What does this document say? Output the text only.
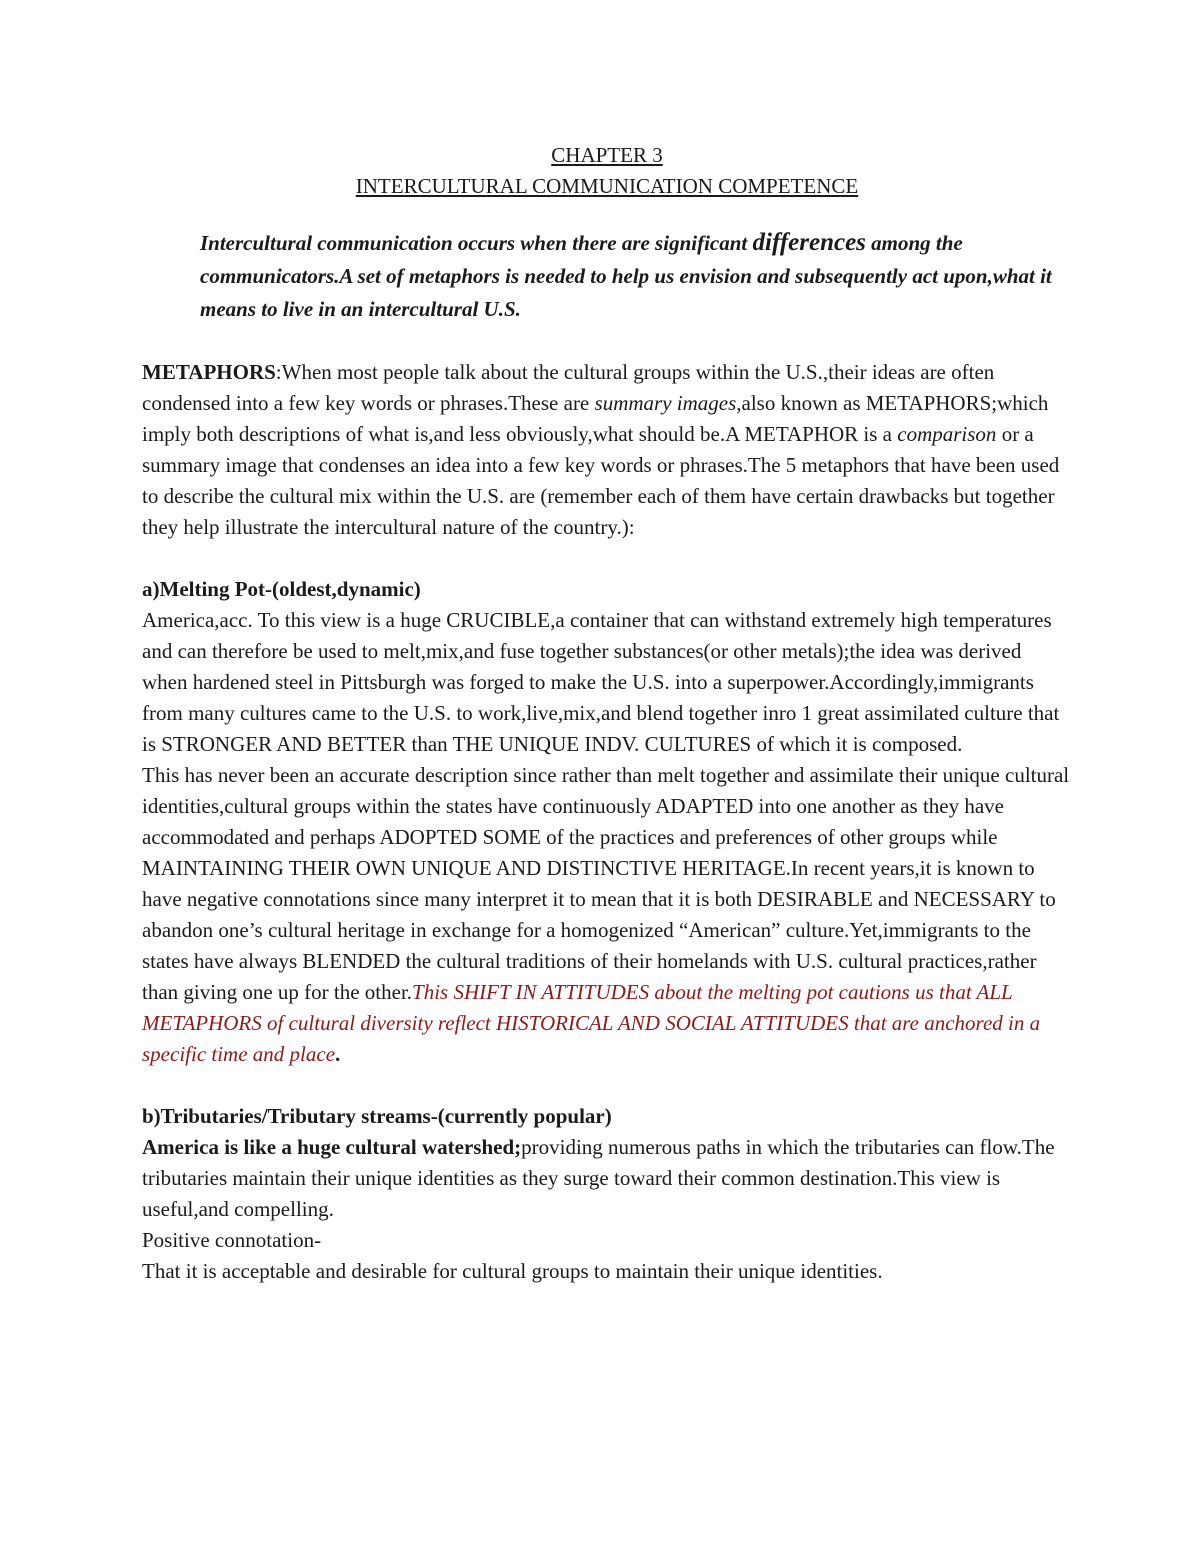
CHAPTER 3

INTERCULTURAL COMMUNICATION COMPETENCE

Intercultural communication occurs when there are significant differences among the communicators.A set of metaphors is needed to help us envision and subsequently act upon,what it means to live in an intercultural U.S.

METAPHORS:When most people talk about the cultural groups within the U.S.,their ideas are often condensed into a few key words or phrases.These are summary images,also known as METAPHORS;which imply both descriptions of what is,and less obviously,what should be.A METAPHOR is a comparison or a summary image that condenses an idea into a few key words or phrases.The 5 metaphors that have been used to describe the cultural mix within the U.S. are (remember each of them have certain drawbacks but together they help illustrate the intercultural nature of the country.):

a)Melting Pot-(oldest,dynamic)

America,acc. To this view is a huge CRUCIBLE,a container that can withstand extremely high temperatures and can therefore be used to melt,mix,and fuse together substances(or other metals);the idea was derived when hardened steel in Pittsburgh was forged to make the U.S. into a superpower.Accordingly,immigrants from many cultures came to the U.S. to work,live,mix,and blend together inro 1 great assimilated culture that is STRONGER AND BETTER than THE UNIQUE INDV. CULTURES of which it is composed.

This has never been an accurate description since rather than melt together and assimilate their unique cultural identities,cultural groups within the states have continuously ADAPTED into one another as they have accommodated and perhaps ADOPTED SOME of the practices and preferences of other groups while MAINTAINING THEIR OWN UNIQUE AND DISTINCTIVE HERITAGE.In recent years,it is known to have negative connotations since many interpret it to mean that it is both DESIRABLE and NECESSARY to abandon one’s cultural heritage in exchange for a homogenized “American” culture.Yet,immigrants to the states have always BLENDED the cultural traditions of their homelands with U.S. cultural practices,rather than giving one up for the other.This SHIFT IN ATTITUDES about the melting pot cautions us that ALL METAPHORS of cultural diversity reflect HISTORICAL AND SOCIAL ATTITUDES that are anchored in a specific time and place.

b)Tributaries/Tributary streams-(currently popular)

America is like a huge cultural watershed;providing numerous paths in which the tributaries can flow.The tributaries maintain their unique identities as they surge toward their common destination.This view is useful,and compelling.

Positive connotation-

That it is acceptable and desirable for cultural groups to maintain their unique identities.
